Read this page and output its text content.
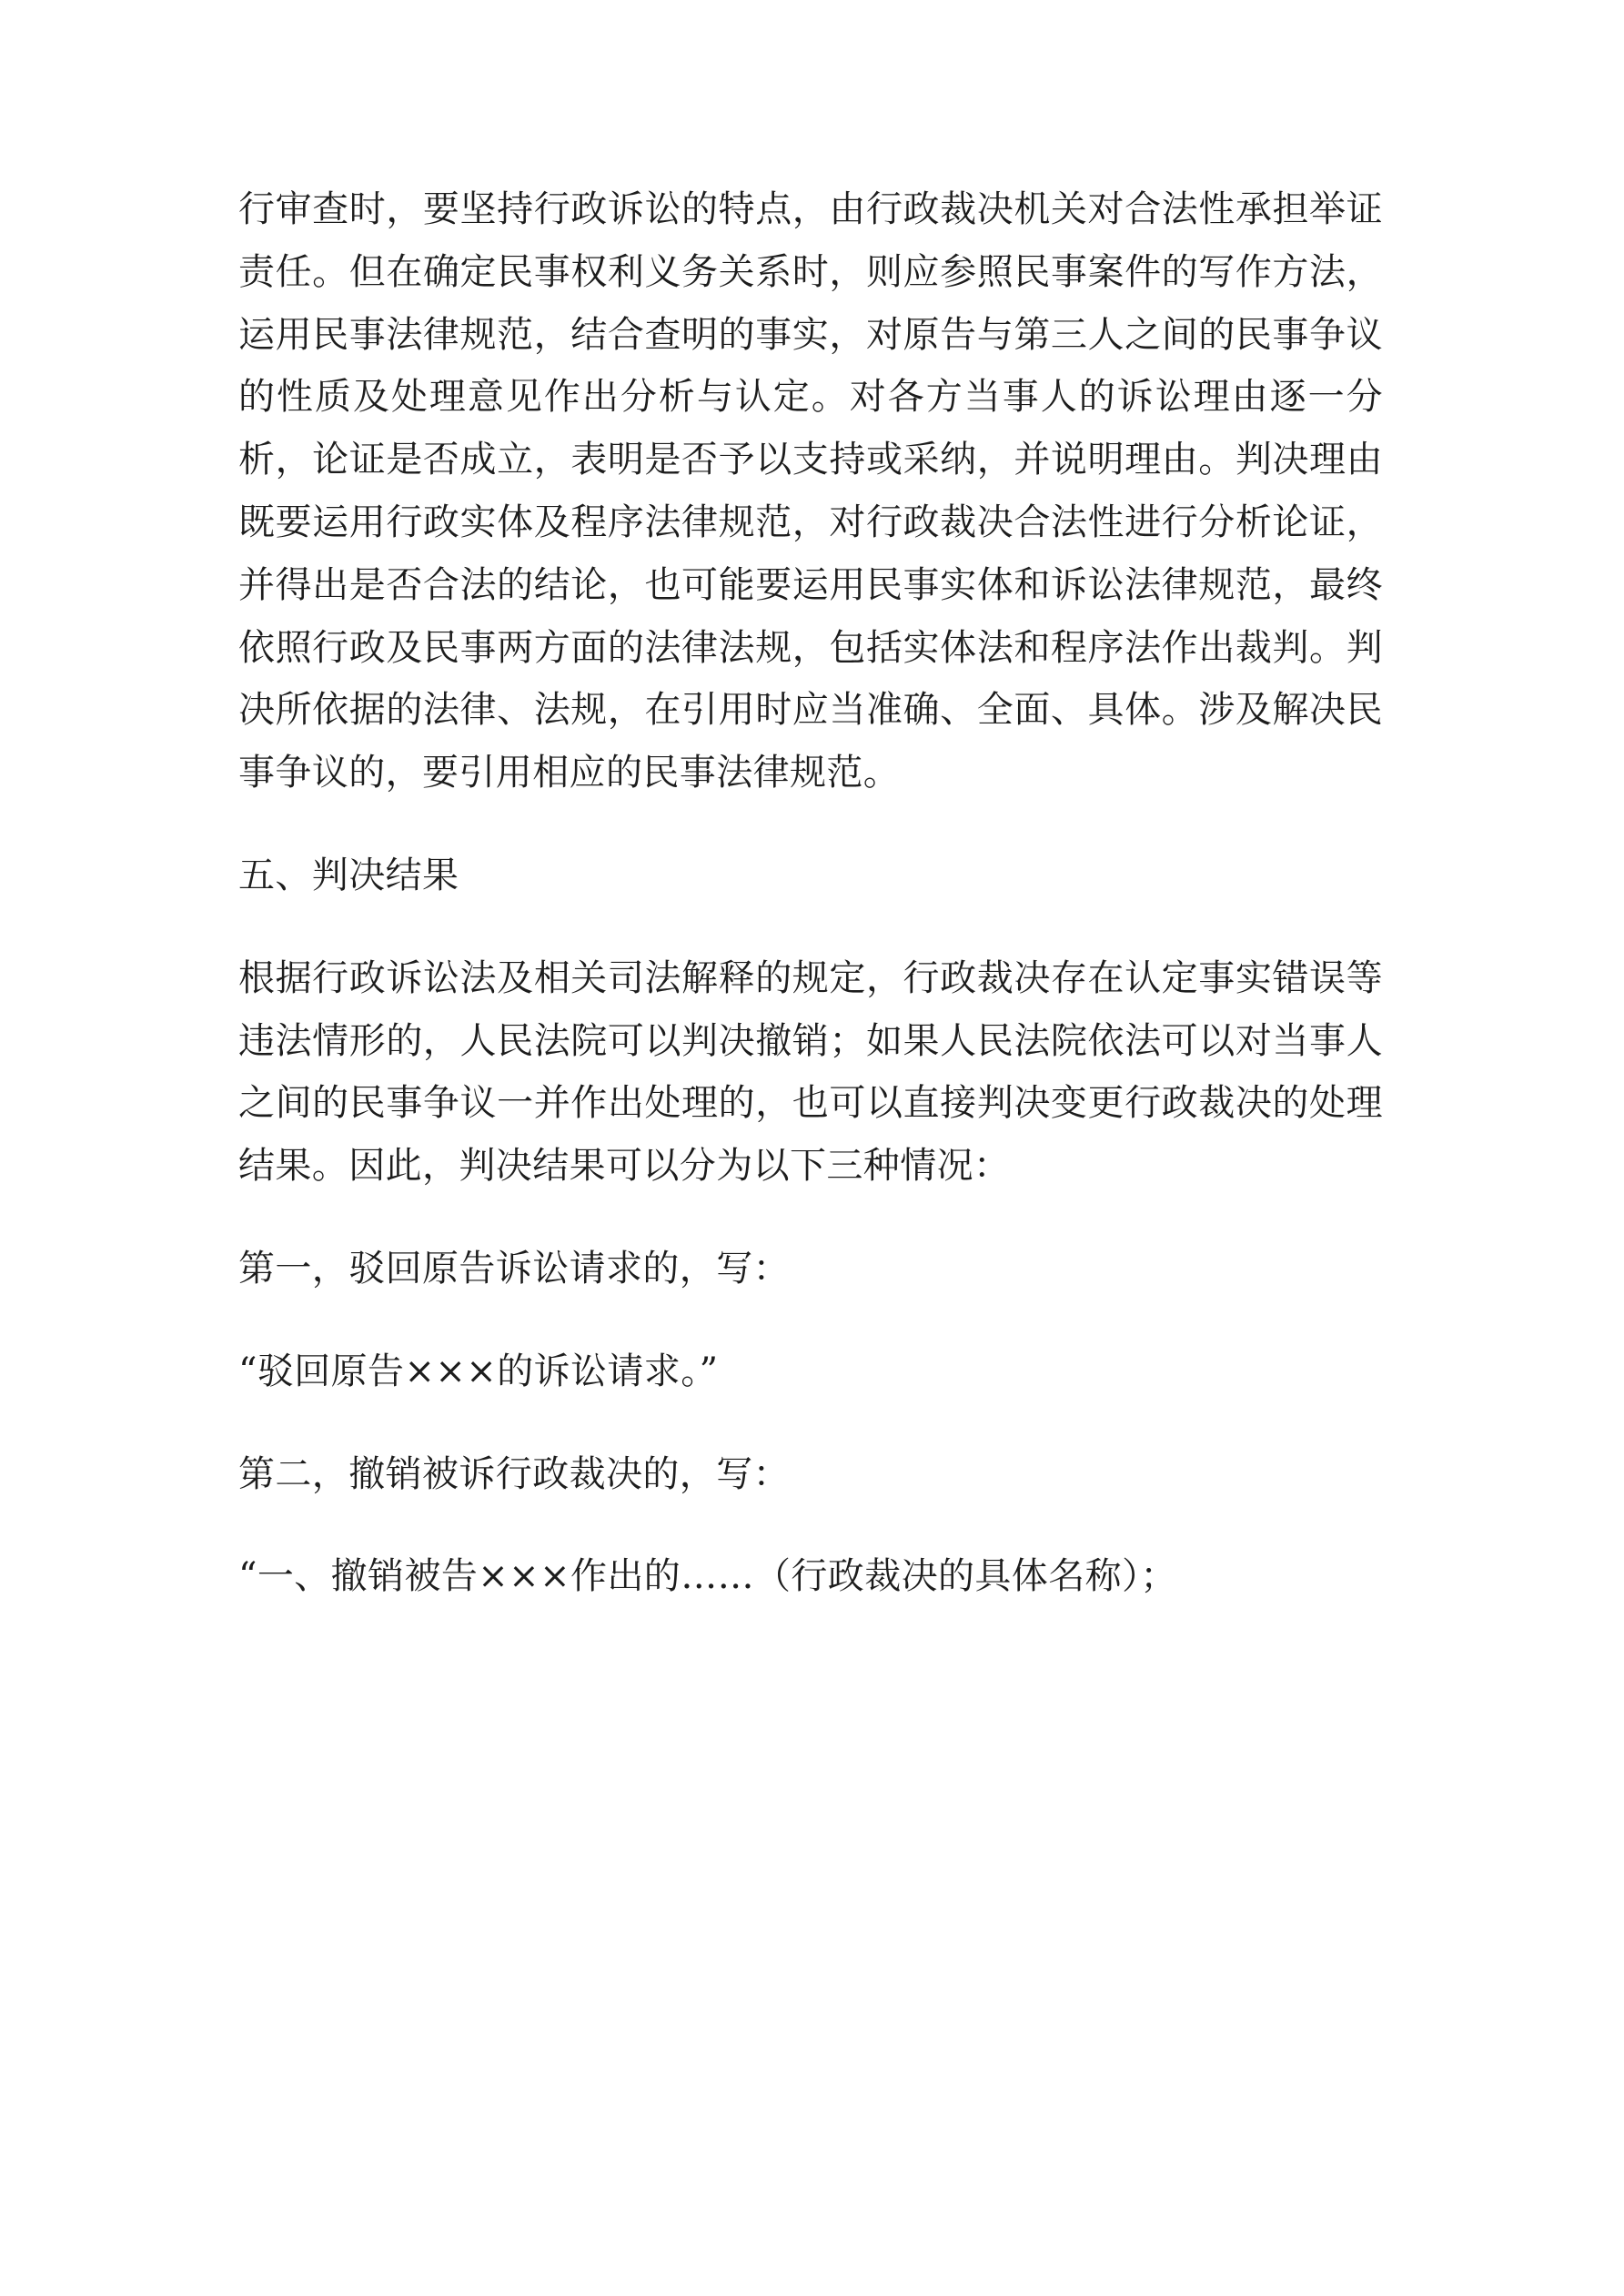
行审查时，要坚持行政诉讼的特点，由行政裁决机关对合法性承担举证责任。但在确定民事权利义务关系时，则应参照民事案件的写作方法，运用民事法律规范，结合查明的事实，对原告与第三人之间的民事争议的性质及处理意见作出分析与认定。对各方当事人的诉讼理由逐一分析，论证是否成立，表明是否予以支持或采纳，并说明理由。判决理由既要运用行政实体及程序法律规范，对行政裁决合法性进行分析论证，并得出是否合法的结论，也可能要运用民事实体和诉讼法律规范，最终依照行政及民事两方面的法律法规，包括实体法和程序法作出裁判。判决所依据的法律、法规，在引用时应当准确、全面、具体。涉及解决民事争议的，要引用相应的民事法律规范。

五、判决结果

根据行政诉讼法及相关司法解释的规定，行政裁决存在认定事实错误等违法情形的，人民法院可以判决撤销；如果人民法院依法可以对当事人之间的民事争议一并作出处理的，也可以直接判决变更行政裁决的处理结果。因此，判决结果可以分为以下三种情况：

第一，驳回原告诉讼请求的，写：

“驳回原告×××的诉讼请求。”

第二，撤销被诉行政裁决的，写：

“一、撤销被告×××作出的……（行政裁决的具体名称）；
